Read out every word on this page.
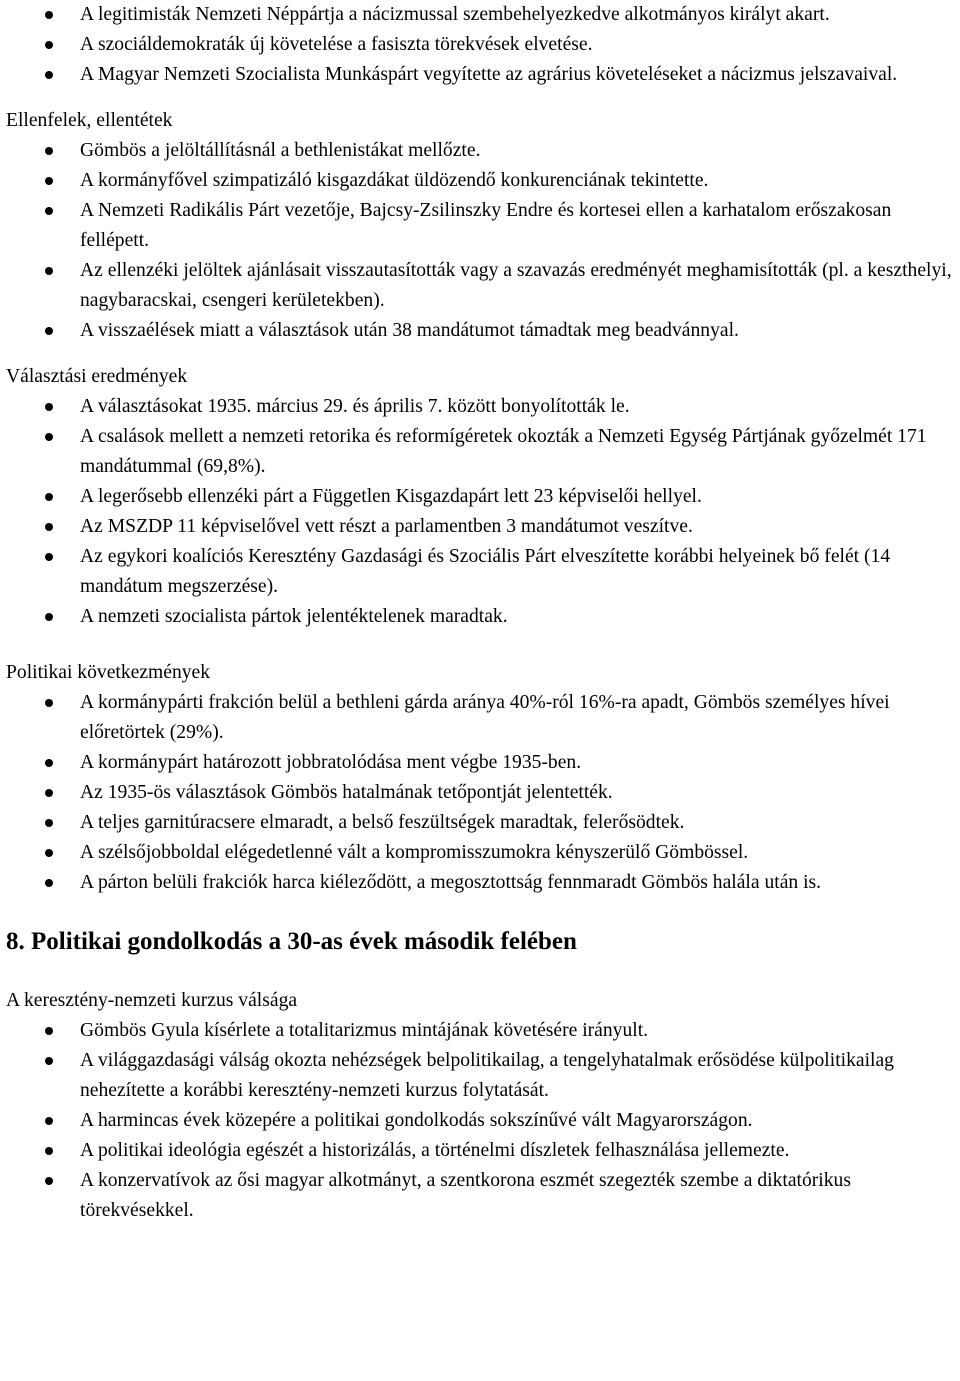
A legitimisták Nemzeti Néppártja a nácizmussal szembehelyezkedve alkotmányos királyt akart.
A szociáldemokraták új követelése a fasiszta törekvések elvetése.
A Magyar Nemzeti Szocialista Munkáspárt vegyítette az agrárius követeléseket a nácizmus jelszavaival.
Ellenfelek, ellentétek
Gömbös a jelöltállításnál a bethlenistákat mellőzte.
A kormányfővel szimpatizáló kisgazdákat üldözendő konkurenciának tekintette.
A Nemzeti Radikális Párt vezetője, Bajcsy-Zsilinszky Endre és kortesei ellen a karhatalom erőszakosan fellépett.
Az ellenzéki jelöltek ajánlásait visszautasították vagy a szavazás eredményét meghamisították (pl. a keszthelyi, nagybaracskai, csengeri kerületekben).
A visszaélések miatt a választások után 38 mandátumot támadtak meg beadvánnyal.
Választási eredmények
A választásokat 1935. március 29. és április 7. között bonyolították le.
A csalások mellett a nemzeti retorika és reformígéretek okozták a Nemzeti Egység Pártjának győzelmét 171 mandátummal (69,8%).
A legerősebb ellenzéki párt a Független Kisgazdapárt lett 23 képviselői hellyel.
Az MSZDP 11 képviselővel vett részt a parlamentben 3 mandátumot veszítve.
Az egykori koalíciós Keresztény Gazdasági és Szociális Párt elveszítette korábbi helyeinek bő felét (14 mandátum megszerzése).
A nemzeti szocialista pártok jelentéktelenek maradtak.
Politikai következmények
A kormánypárti frakción belül a bethleni gárda aránya 40%-ról 16%-ra apadt, Gömbös személyes hívei előretörtek (29%).
A kormánypárt határozott jobbratolódása ment végbe 1935-ben.
Az 1935-ös választások Gömbös hatalmának tetőpontját jelentették.
A teljes garnitúracsere elmaradt, a belső feszültségek maradtak, felerősödtek.
A szélsőjobboldal elégedetlenné vált a kompromisszumokra kényszerülő Gömbössel.
A párton belüli frakciók harca kiéleződött, a megosztottság fennmaradt Gömbös halála után is.
8. Politikai gondolkodás a 30-as évek második felében
A keresztény-nemzeti kurzus válsága
Gömbös Gyula kísérlete a totalitarizmus mintájának követésére irányult.
A világgazdasági válság okozta nehézségek belpolitikailag, a tengelyhatalmak erősödése külpolitikailag nehezítette a korábbi keresztény-nemzeti kurzus folytatását.
A harmincas évek közepére a politikai gondolkodás sokszínűvé vált Magyarországon.
A politikai ideológia egészét a historizálás, a történelmi díszletek felhasználása jellemezte.
A konzervatívok az ősi magyar alkotmányt, a szentkorona eszmét szegezték szembe a diktatórikus törekvésekkel.
